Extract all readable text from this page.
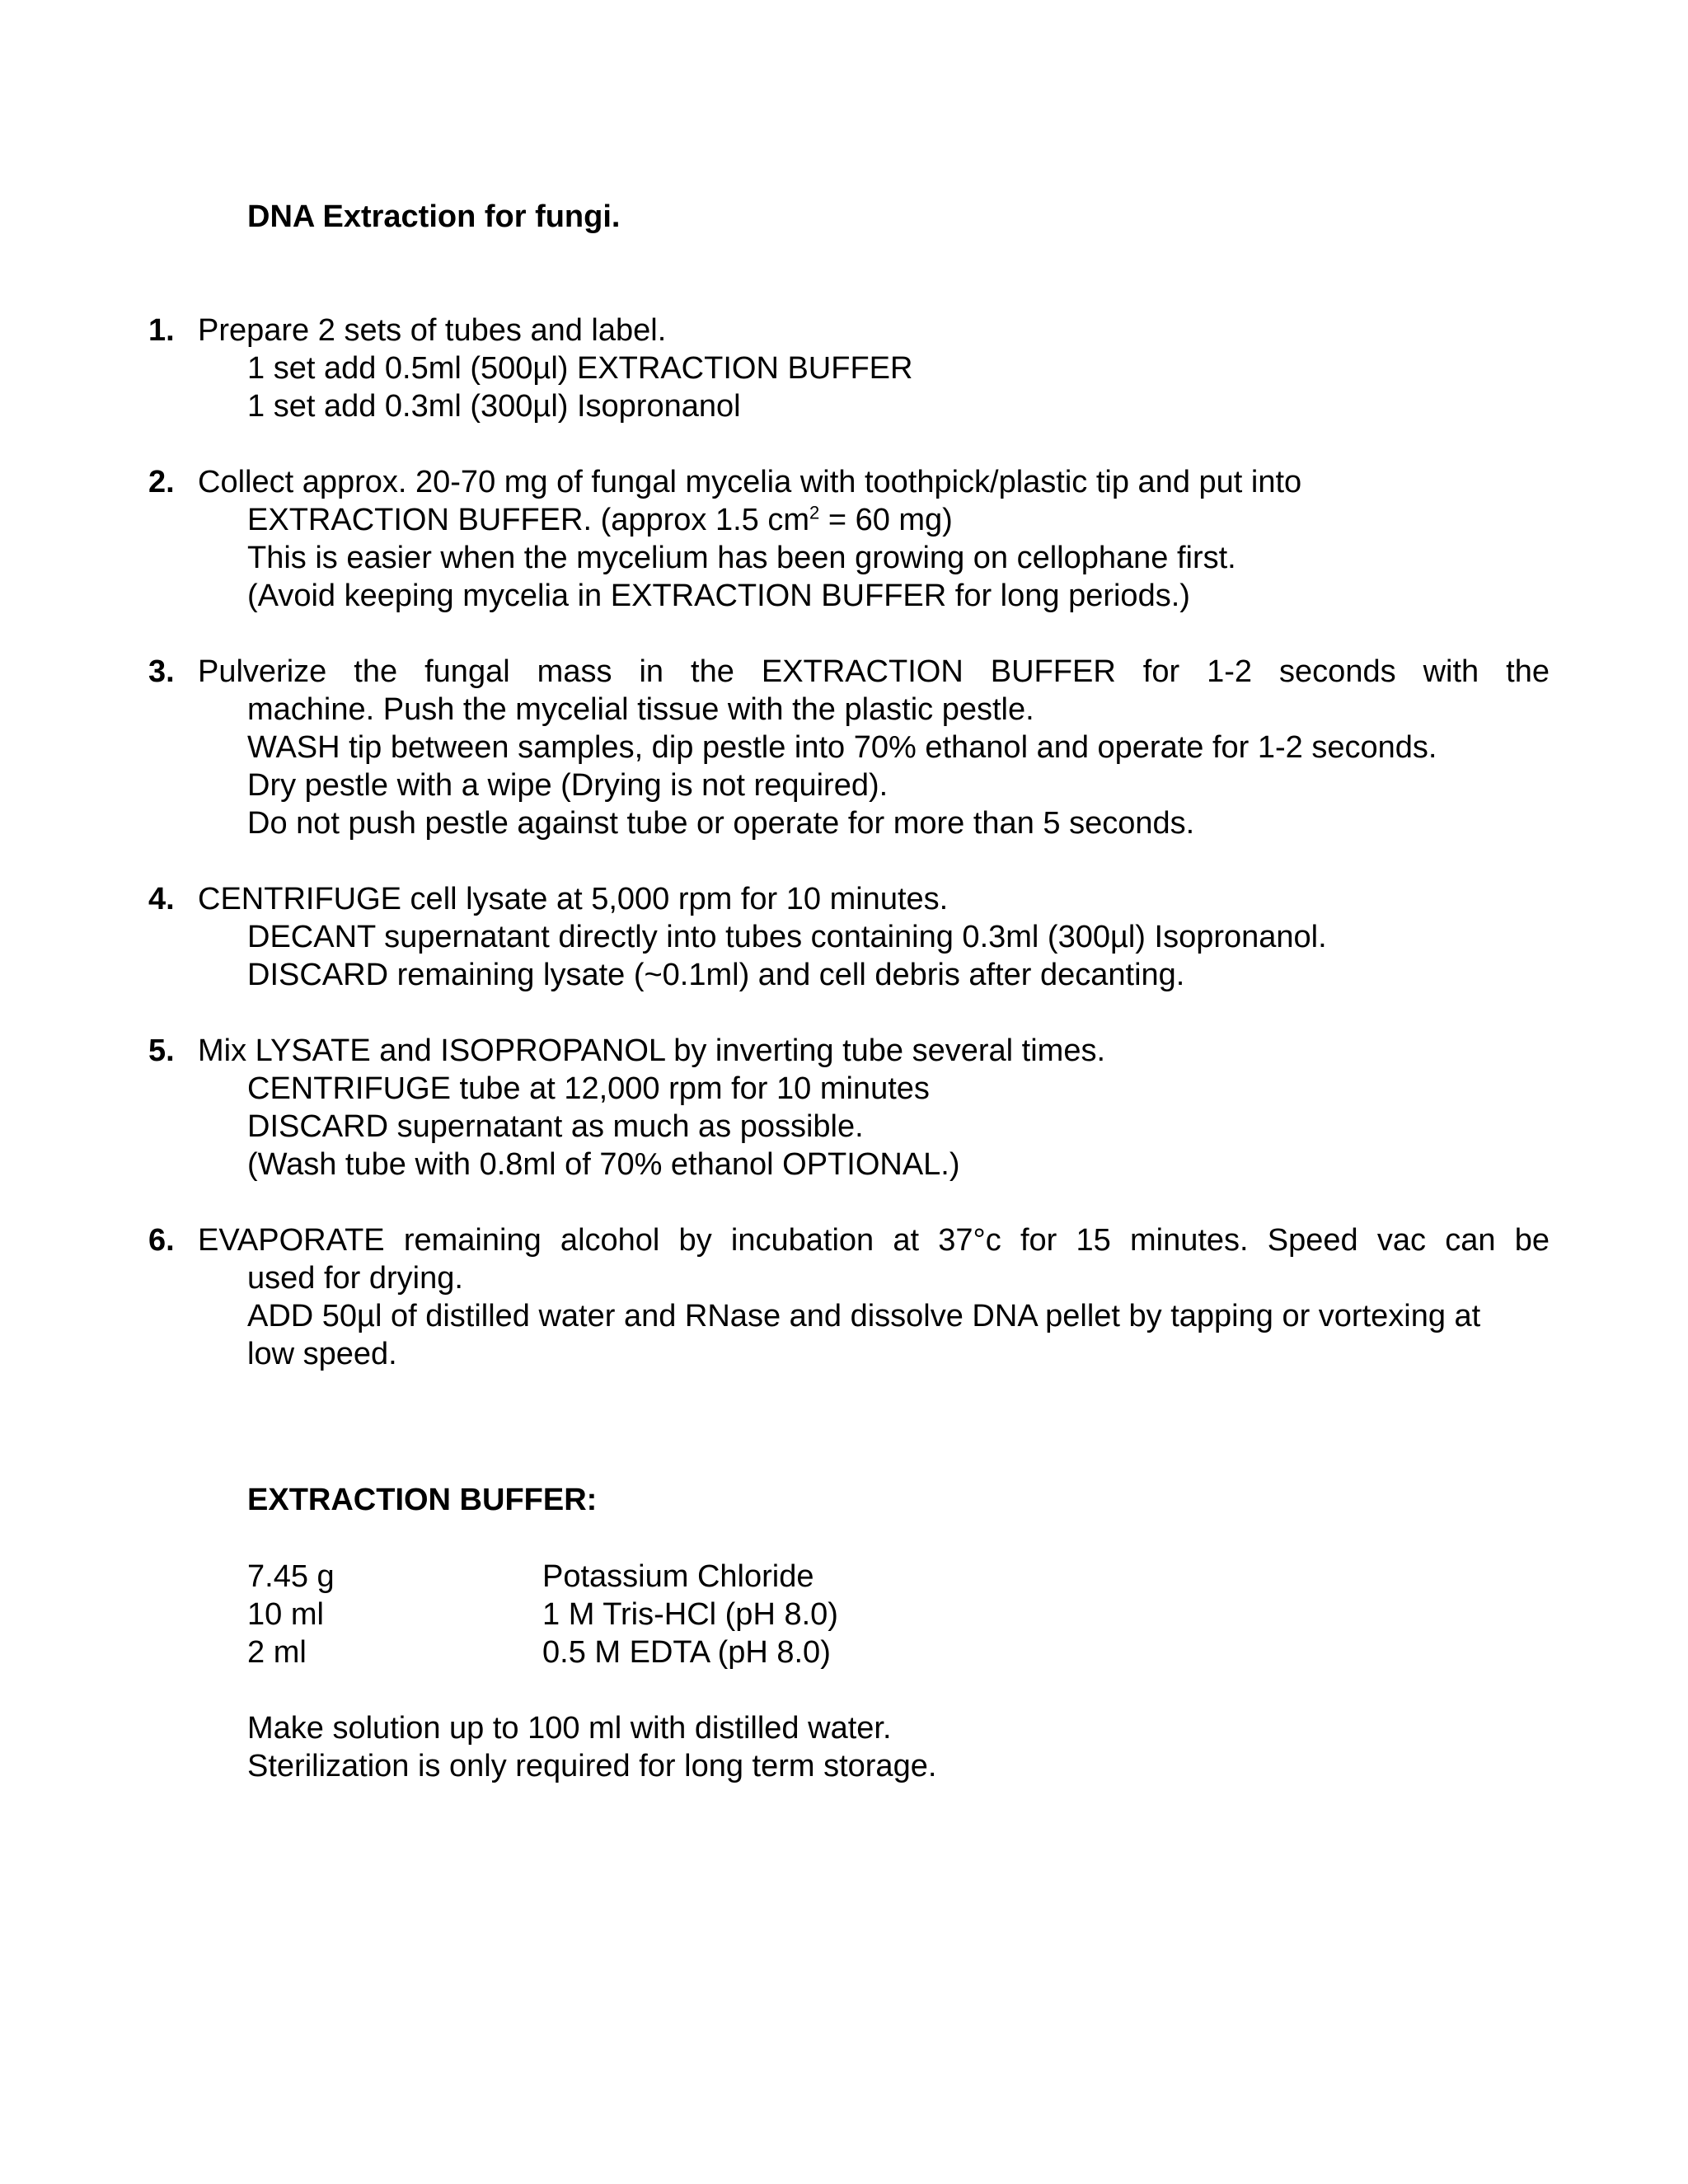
DNA Extraction for fungi.
1. Prepare 2 sets of tubes and label.
1 set add 0.5ml (500µl) EXTRACTION BUFFER
1 set add 0.3ml (300µl) Isopronanol
2. Collect approx. 20-70 mg of fungal mycelia with toothpick/plastic tip and put into
EXTRACTION BUFFER. (approx 1.5 $cm^2 = 60$ mg)
This is easier when the mycelium has been growing on cellophane first.
(Avoid keeping mycelia in EXTRACTION BUFFER for long periods.)
3. Pulverize the fungal mass in the EXTRACTION BUFFER for 1-2 seconds with the
machine. Push the mycelial tissue with the plastic pestle.
WASH tip between samples, dip pestle into 70% ethanol and operate for 1-2 seconds.
Dry pestle with a wipe (Drying is not required).
Do not push pestle against tube or operate for more than 5 seconds.
4. CENTRIFUGE cell lysate at 5,000 rpm for 10 minutes.
DECANT supernatant directly into tubes containing 0.3ml (300µl) Isopronanol.
DISCARD remaining lysate (~0.1ml) and cell debris after decanting.
5. Mix LYSATE and ISOPROPANOL by inverting tube several times.
CENTRIFUGE tube at 12,000 rpm for 10 minutes
DISCARD supernatant as much as possible.
(Wash tube with 0.8ml of 70% ethanol OPTIONAL.)
6. EVAPORATE remaining alcohol by incubation at 37°c for 15 minutes. Speed vac can be
used for drying.
ADD 50µl of distilled water and RNase and dissolve DNA pellet by tapping or vortexing at
low speed.
EXTRACTION BUFFER:
7.45 g	Potassium Chloride
10 ml	1 M Tris-HCl (pH 8.0)
2 ml	0.5 M EDTA (pH 8.0)
Make solution up to 100 ml with distilled water.
Sterilization is only required for long term storage.
